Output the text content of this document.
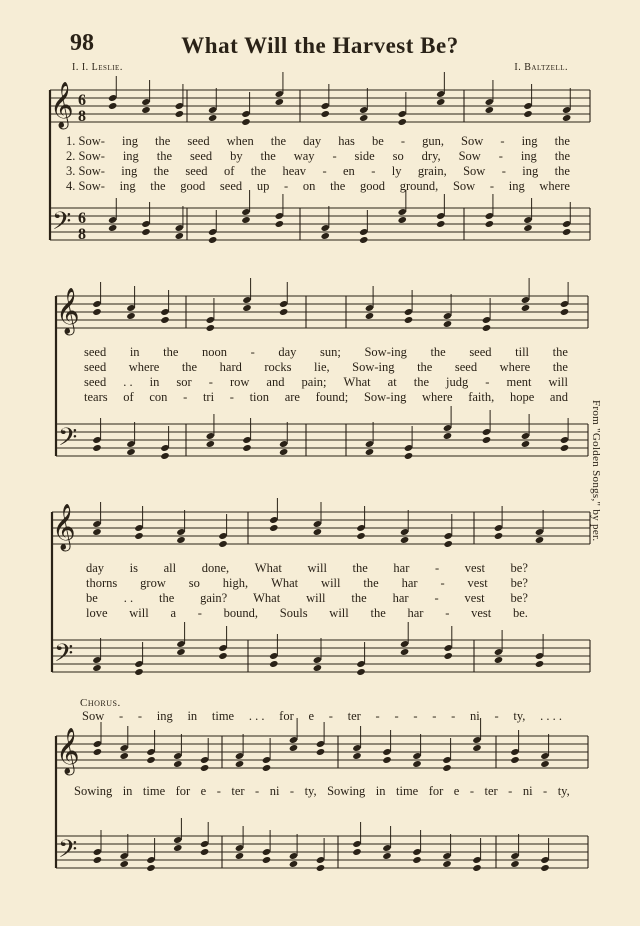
98	What Will the Harvest Be?
I. I. Leslie.	I. Baltzell.
From "Golden Songs," by per.
Chorus.
𝄞
𝄢
6
8
6
8
𝄞
𝄢
𝄞
𝄢
𝄞
𝄢
1. Sow- ing the seed when the day has be - gun, Sow - ing the
2. Sow- ing the seed by the way - side so dry, Sow - ing the
3. Sow- ing the seed of the heav - en - ly grain, Sow - ing the
4. Sow- ing the good seed up - on the good ground, Sow - ing where
seed in the noon - day sun; Sow-ing the seed till the
seed where the hard rocks lie, Sow-ing the seed where the
seed . . in sor - row and pain; What at the judg - ment will
tears of con - tri - tion are found; Sow-ing where faith, hope and
day is all done, What will the har - vest be?
thorns grow so high, What will the har - vest be?
be . . the gain? What will the har - vest be?
love will a - bound, Souls will the har - vest be.
Sow - - ing in time . . . for e - ter - - - - - ni - ty, . . . .
Sowing in time for e - ter - ni - ty, Sowing in time for e - ter - ni - ty,
